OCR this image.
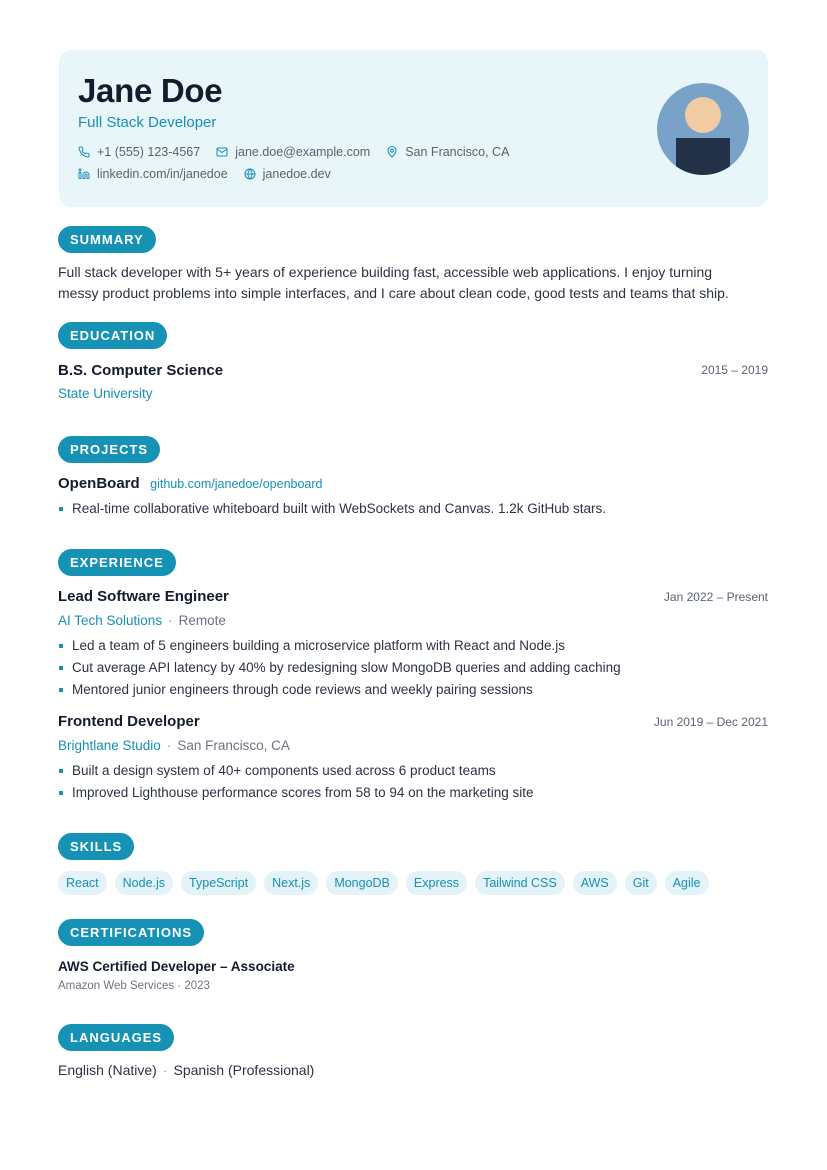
Jane Doe
Full Stack Developer
+1 (555) 123-4567	jane.doe@example.com	San Francisco, CA
linkedin.com/in/janedoe	janedoe.dev
SUMMARY
Full stack developer with 5+ years of experience building fast, accessible web applications. I enjoy turning
messy product problems into simple interfaces, and I care about clean code, good tests and teams that ship.
EDUCATION
B.S. Computer Science	2015 – 2019
State University
PROJECTS
OpenBoard github.com/janedoe/openboard
Real-time collaborative whiteboard built with WebSockets and Canvas. 1.2k GitHub stars.
EXPERIENCE
Lead Software Engineer	Jan 2022 – Present
AI Tech Solutions · Remote
Led a team of 5 engineers building a microservice platform with React and Node.js
Cut average API latency by 40% by redesigning slow MongoDB queries and adding caching
Mentored junior engineers through code reviews and weekly pairing sessions
Frontend Developer	Jun 2019 – Dec 2021
Brightlane Studio · San Francisco, CA
Built a design system of 40+ components used across 6 product teams
Improved Lighthouse performance scores from 58 to 94 on the marketing site
SKILLS
React	Node.js	TypeScript	Next.js	MongoDB	Express	Tailwind CSS	AWS	Git	Agile
CERTIFICATIONS
AWS Certified Developer – Associate
Amazon Web Services · 2023
LANGUAGES
English (Native) · Spanish (Professional)
